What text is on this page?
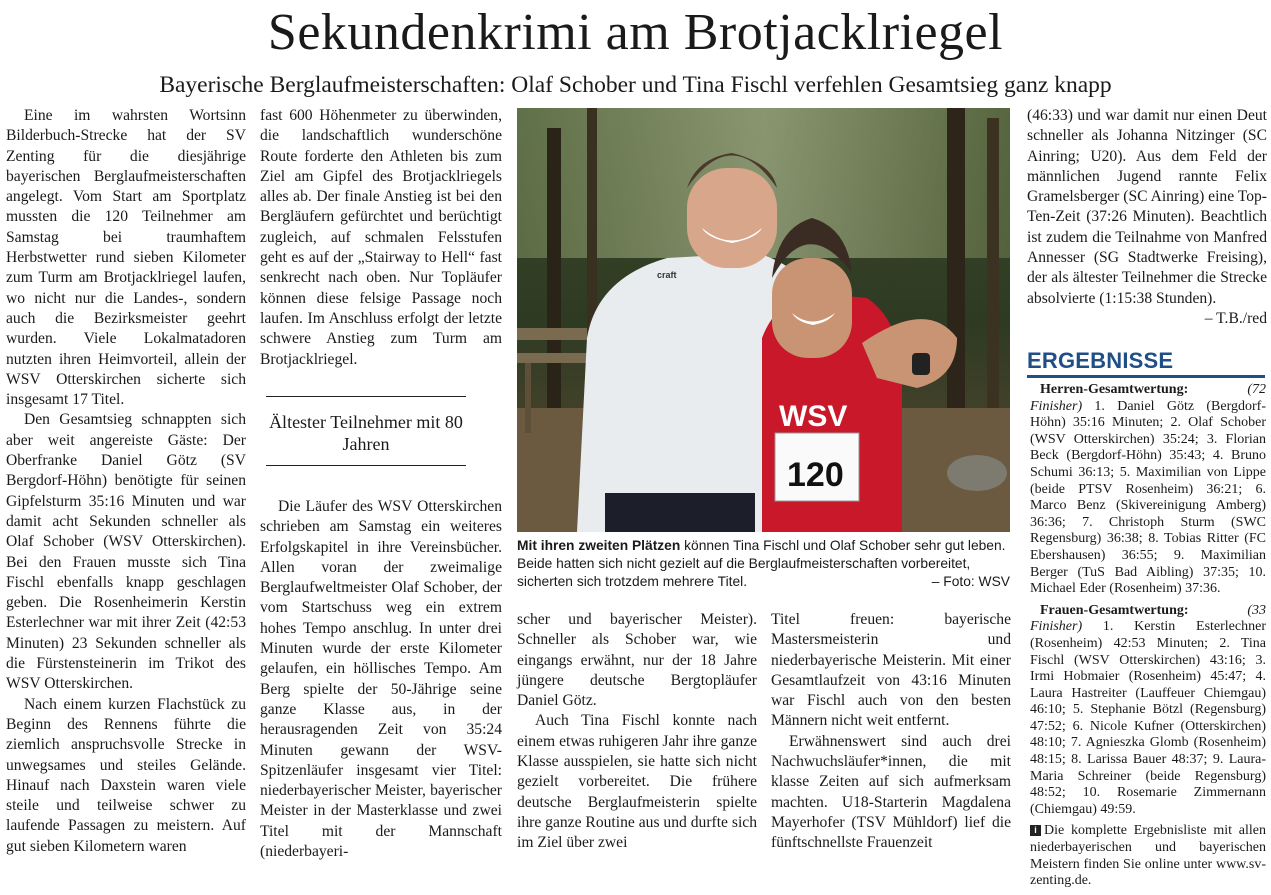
Sekundenkrimi am Brotjacklriegel
Bayerische Berglaufmeisterschaften: Olaf Schober und Tina Fischl verfehlen Gesamtsieg ganz knapp

Eine im wahrsten Wortsinn Bilderbuch-Strecke hat der SV Zenting für die diesjährige bayerischen Berglaufmeisterschaften angelegt. Vom Start am Sportplatz mussten die 120 Teilnehmer am Samstag bei traumhaftem Herbstwetter rund sieben Kilometer zum Turm am Brotjacklriegel laufen, wo nicht nur die Landes-, sondern auch die Bezirksmeister geehrt wurden. Viele Lokalmatadoren nutzten ihren Heimvorteil, allein der WSV Otterskirchen sicherte sich insgesamt 17 Titel.

Den Gesamtsieg schnappten sich aber weit angereiste Gäste: Der Oberfranke Daniel Götz (SV Bergdorf-Höhn) benötigte für seinen Gipfelsturm 35:16 Minuten und war damit acht Sekunden schneller als Olaf Schober (WSV Otterskirchen). Bei den Frauen musste sich Tina Fischl ebenfalls knapp geschlagen geben. Die Rosenheimerin Kerstin Esterlechner war mit ihrer Zeit (42:53 Minuten) 23 Sekunden schneller als die Fürstensteinerin im Trikot des WSV Otterskirchen.

Nach einem kurzen Flachstück zu Beginn des Rennens führte die ziemlich anspruchsvolle Strecke in unwegsames und steiles Gelände. Hinauf nach Daxstein waren viele steile und teilweise schwer zu laufende Passagen zu meistern. Auf gut sieben Kilometern waren

fast 600 Höhenmeter zu überwinden, die landschaftlich wunderschöne Route forderte den Athleten bis zum Ziel am Gipfel des Brotjacklriegels alles ab. Der finale Anstieg ist bei den Bergläufern gefürchtet und berüchtigt zugleich, auf schmalen Felsstufen geht es auf der „Stairway to Hell“ fast senkrecht nach oben. Nur Topläufer können diese felsige Passage noch laufen. Im Anschluss erfolgt der letzte schwere Anstieg zum Turm am Brotjacklriegel.

Ältester Teilnehmer mit 80 Jahren

Die Läufer des WSV Otterskirchen schrieben am Samstag ein weiteres Erfolgskapitel in ihre Vereinsbücher. Allen voran der zweimalige Berglaufweltmeister Olaf Schober, der vom Startschuss weg ein extrem hohes Tempo anschlug. In unter drei Minuten wurde der erste Kilometer gelaufen, ein höllisches Tempo. Am Berg spielte der 50-Jährige seine ganze Klasse aus, in der herausragenden Zeit von 35:24 Minuten gewann der WSV-Spitzenläufer insgesamt vier Titel: niederbayerischer Meister, bayerischer Meister in der Masterklasse und zwei Titel mit der Mannschaft (niederbayeri-

WSV
120
craft
STÜMPFL
Mit ihren zweiten Plätzen können Tina Fischl und Olaf Schober sehr gut leben. Beide hatten sich nicht gezielt auf die Berglaufmeisterschaften vorbereitet, sicherten sich trotzdem mehrere Titel.	– Foto: WSV

scher und bayerischer Meister). Schneller als Schober war, wie eingangs erwähnt, nur der 18 Jahre jüngere deutsche Bergtopläufer Daniel Götz.

Auch Tina Fischl konnte nach einem etwas ruhigeren Jahr ihre ganze Klasse ausspielen, sie hatte sich nicht gezielt vorbereitet. Die frühere deutsche Berglaufmeisterin spielte ihre ganze Routine aus und durfte sich im Ziel über zwei

Titel freuen: bayerische Mastersmeisterin und niederbayerische Meisterin. Mit einer Gesamtlaufzeit von 43:16 Minuten war Fischl auch von den besten Männern nicht weit entfernt.

Erwähnenswert sind auch drei Nachwuchsläufer*innen, die mit klasse Zeiten auf sich aufmerksam machten. U18-Starterin Magdalena Mayerhofer (TSV Mühldorf) lief die fünftschnellste Frauenzeit

(46:33) und war damit nur einen Deut schneller als Johanna Nitzinger (SC Ainring; U20). Aus dem Feld der männlichen Jugend rannte Felix Gramelsberger (SC Ainring) eine Top-Ten-Zeit (37:26 Minuten). Beachtlich ist zudem die Teilnahme von Manfred Annesser (SG Stadtwerke Freising), der als ältester Teilnehmer die Strecke absolvierte (1:15:38 Stunden).

– T.B./red

ERGEBNISSE

Herren-Gesamtwertung:	(72 Finisher) 1. Daniel Götz (Bergdorf-Höhn) 35:16 Minuten; 2. Olaf Schober (WSV Otterskirchen) 35:24; 3. Florian Beck (Bergdorf-Höhn) 35:43; 4. Bruno Schumi 36:13; 5. Maximilian von Lippe (beide PTSV Rosenheim) 36:21; 6. Marco Benz (Skivereinigung Amberg) 36:36; 7. Christoph Sturm (SWC Regensburg) 36:38; 8. Tobias Ritter (FC Ebershausen) 36:55; 9. Maximilian Berger (TuS Bad Aibling) 37:35; 10. Michael Eder (Rosenheim) 37:36.

Frauen-Gesamtwertung:	(33 Finisher) 1. Kerstin Esterlechner (Rosenheim) 42:53 Minuten; 2. Tina Fischl (WSV Otterskirchen) 43:16; 3. Irmi Hobmaier (Rosenheim) 45:47; 4. Laura Hastreiter (Lauffeuer Chiemgau) 46:10; 5. Stephanie Bötzl (Regensburg) 47:52; 6. Nicole Kufner (Otterskirchen) 48:10; 7. Agnieszka Glomb (Rosenheim) 48:15; 8. Larissa Bauer 48:37; 9. Laura-Maria Schreiner (beide Regensburg) 48:52; 10. Rosemarie Zimmernann (Chiemgau) 49:59.

i Die komplette Ergebnisliste mit allen niederbayerischen und bayerischen Meistern finden Sie online unter www.sv-zenting.de.
